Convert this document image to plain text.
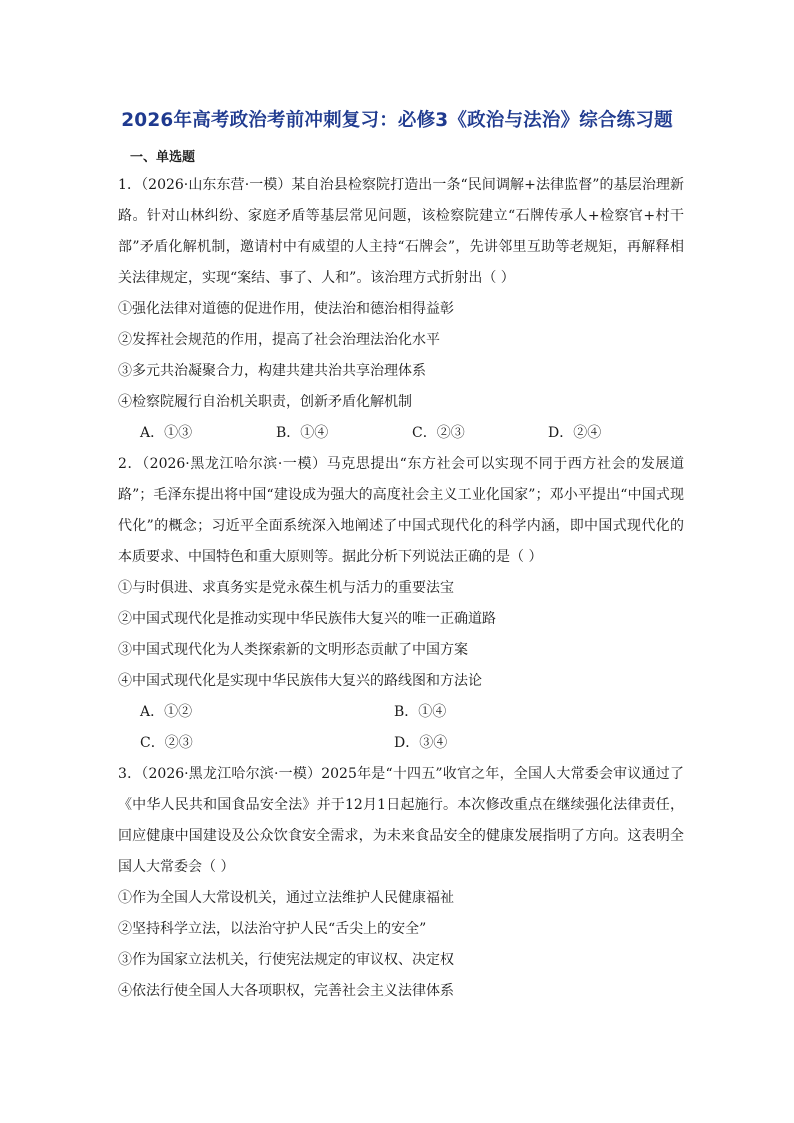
2026年高考政治考前冲刺复习：必修3《政治与法治》综合练习题
一、单选题
1．（2026·山东东营·一模）某自治县检察院打造出一条“民间调解+法律监督”的基层治理新路。针对山林纠纷、家庭矛盾等基层常见问题，该检察院建立“石牌传承人+检察官+村干部”矛盾化解机制，邀请村中有威望的人主持“石牌会”，先讲邻里互助等老规矩，再解释相关法律规定，实现“案结、事了、人和”。该治理方式折射出（ ）
①强化法律对道德的促进作用，使法治和德治相得益彰
②发挥社会规范的作用，提高了社会治理法治化水平
③多元共治凝聚合力，构建共建共治共享治理体系
④检察院履行自治机关职责，创新矛盾化解机制
A．①③	B．①④	C．②③	D．②④
2．（2026·黑龙江哈尔滨·一模）马克思提出“东方社会可以实现不同于西方社会的发展道路”；毛泽东提出将中国“建设成为强大的高度社会主义工业化国家”；邓小平提出“中国式现代化”的概念；习近平全面系统深入地阐述了中国式现代化的科学内涵，即中国式现代化的本质要求、中国特色和重大原则等。据此分析下列说法正确的是（ ）
①与时俱进、求真务实是党永葆生机与活力的重要法宝
②中国式现代化是推动实现中华民族伟大复兴的唯一正确道路
③中国式现代化为人类探索新的文明形态贡献了中国方案
④中国式现代化是实现中华民族伟大复兴的路线图和方法论
A．①②	B．①④
C．②③	D．③④
3．（2026·黑龙江哈尔滨·一模）2025年是“十四五”收官之年，全国人大常委会审议通过了《中华人民共和国食品安全法》并于12月1日起施行。本次修改重点在继续强化法律责任，回应健康中国建设及公众饮食安全需求，为未来食品安全的健康发展指明了方向。这表明全国人大常委会（ ）
①作为全国人大常设机关，通过立法维护人民健康福祉
②坚持科学立法，以法治守护人民“舌尖上的安全”
③作为国家立法机关，行使宪法规定的审议权、决定权
④依法行使全国人大各项职权，完善社会主义法律体系
